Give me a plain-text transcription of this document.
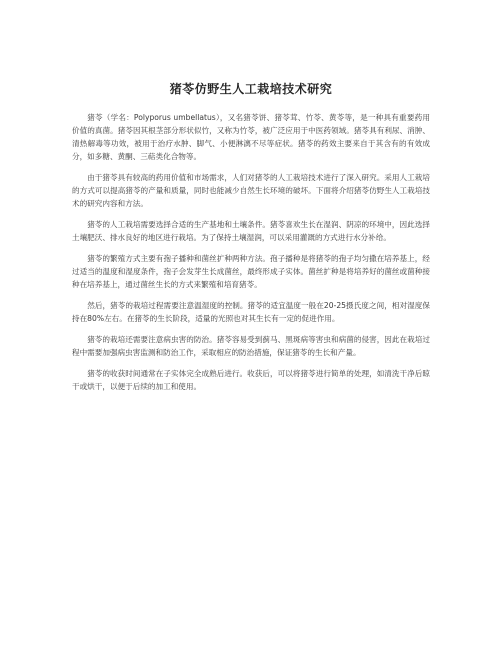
猪苓仿野生人工栽培技术研究

猪苓（学名：Polyporus umbellatus），又名猪苓饼、猪苓茸、竹苓、黄苓等，是一种具有重要药用价值的真菌。猪苓因其根茎部分形状似竹，又称为竹苓，被广泛应用于中医药领域。猪苓具有利尿、消肿、清热解毒等功效，被用于治疗水肿、脚气、小便淋漓不尽等症状。猪苓的药效主要来自于其含有的有效成分，如多糖、黄酮、三萜类化合物等。

由于猪苓具有较高的药用价值和市场需求，人们对猪苓的人工栽培技术进行了深入研究。采用人工栽培的方式可以提高猪苓的产量和质量，同时也能减少自然生长环境的破坏。下面将介绍猪苓仿野生人工栽培技术的研究内容和方法。

猪苓的人工栽培需要选择合适的生产基地和土壤条件。猪苓喜欢生长在湿润、阴凉的环境中，因此选择土壤肥沃、排水良好的地区进行栽培。为了保持土壤湿润，可以采用灌溉的方式进行水分补给。

猪苓的繁殖方式主要有孢子播种和菌丝扩种两种方法。孢子播种是将猪苓的孢子均匀撒在培养基上，经过适当的温度和湿度条件，孢子会发芽生长成菌丝，最终形成子实体。菌丝扩种是将培养好的菌丝或菌种接种在培养基上，通过菌丝生长的方式来繁殖和培育猪苓。

然后，猪苓的栽培过程需要注意温湿度的控制。猪苓的适宜温度一般在20-25摄氏度之间，相对湿度保持在80%左右。在猪苓的生长阶段，适量的光照也对其生长有一定的促进作用。

猪苓的栽培还需要注意病虫害的防治。猪苓容易受到蓟马、黑斑病等害虫和病菌的侵害，因此在栽培过程中需要加强病虫害监测和防治工作，采取相应的防治措施，保证猪苓的生长和产量。

猪苓的收获时间通常在子实体完全成熟后进行。收获后，可以将猪苓进行简单的处理，如清洗干净后晾干或烘干，以便于后续的加工和使用。
